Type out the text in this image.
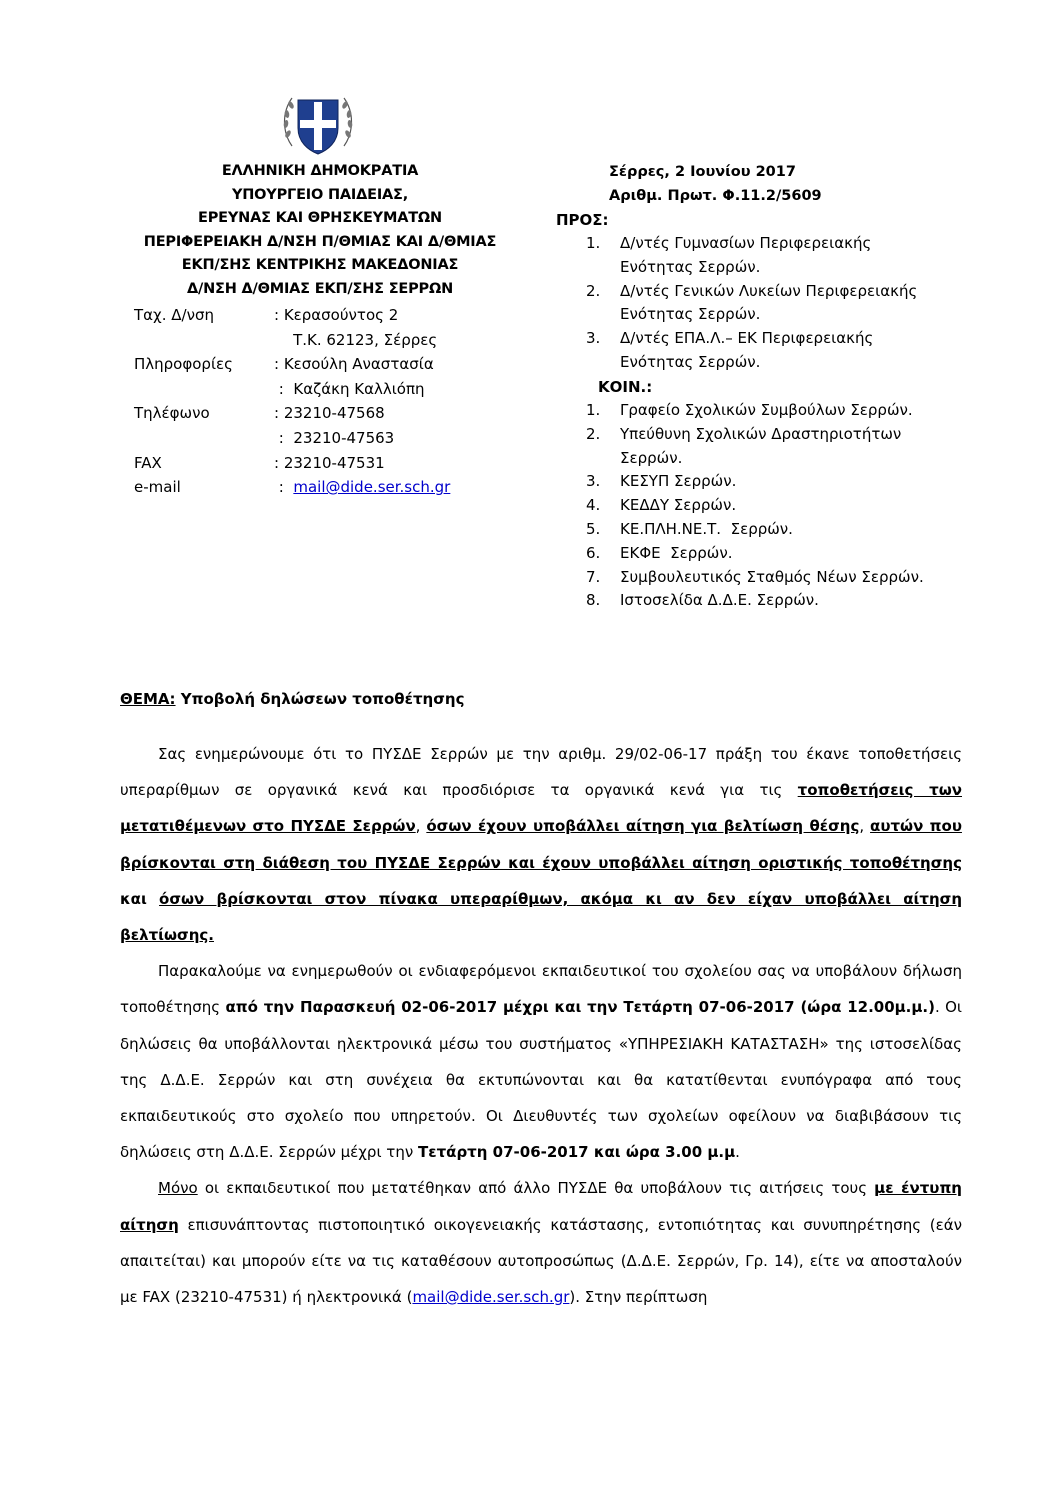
ΕΛΛΗΝΙΚΗ ΔΗΜΟΚΡΑΤΙΑ
ΥΠΟΥΡΓΕΙΟ ΠΑΙΔΕΙΑΣ,
ΕΡΕΥΝΑΣ ΚΑΙ ΘΡΗΣΚΕΥΜΑΤΩΝ
ΠΕΡΙΦΕΡΕΙΑΚΗ Δ/ΝΣΗ Π/ΘΜΙΑΣ ΚΑΙ Δ/ΘΜΙΑΣ
ΕΚΠ/ΣΗΣ ΚΕΝΤΡΙΚΗΣ ΜΑΚΕΔΟΝΙΑΣ
Δ/ΝΣΗ Δ/ΘΜΙΑΣ ΕΚΠ/ΣΗΣ ΣΕΡΡΩΝ
Ταχ. Δ/νση	: Κερασούντος 2
Τ.Κ. 62123, Σέρρες
Πληροφορίες	: Κεσούλη Αναστασία
:  Καζάκη Καλλιόπη
Τηλέφωνο	: 23210-47568
:  23210-47563
FAX	: 23210-47531
e-mail	: mail@dide.ser.sch.gr
Σέρρες, 2 Ιουνίου 2017
Αριθμ. Πρωτ. Φ.11.2/5609
ΠΡΟΣ:
1.	Δ/ντές Γυμνασίων Περιφερειακής Ενότητας Σερρών.
2.	Δ/ντές Γενικών Λυκείων Περιφερειακής Ενότητας Σερρών.
3.	Δ/ντές ΕΠΑ.Λ.– ΕΚ Περιφερειακής Ενότητας Σερρών.
ΚΟΙΝ.:
1.	Γραφείο Σχολικών Συμβούλων Σερρών.
2.	Υπεύθυνη Σχολικών Δραστηριοτήτων Σερρών.
3.	ΚΕΣΥΠ Σερρών.
4.	ΚΕΔΔΥ Σερρών.
5.	ΚΕ.ΠΛΗ.ΝΕ.Τ.  Σερρών.
6.	ΕΚΦΕ  Σερρών.
7.	Συμβουλευτικός Σταθμός Νέων Σερρών.
8.	Ιστοσελίδα Δ.Δ.Ε. Σερρών.
ΘΕΜΑ: Υποβολή δηλώσεων τοποθέτησης

Σας ενημερώνουμε ότι το ΠΥΣΔΕ Σερρών με την αριθμ. 29/02-06-17 πράξη του έκανε τοποθετήσεις υπεραρίθμων σε οργανικά κενά και προσδιόρισε τα οργανικά κενά για τις τοποθετήσεις των μετατιθέμενων στο ΠΥΣΔΕ Σερρών, όσων έχουν υποβάλλει αίτηση για βελτίωση θέσης, αυτών που βρίσκονται στη διάθεση του ΠΥΣΔΕ Σερρών και έχουν υποβάλλει αίτηση οριστικής τοποθέτησης και όσων βρίσκονται στον πίνακα υπεραρίθμων, ακόμα κι αν δεν είχαν υποβάλλει αίτηση βελτίωσης.

Παρακαλούμε να ενημερωθούν οι ενδιαφερόμενοι εκπαιδευτικοί του σχολείου σας να υποβάλουν δήλωση τοποθέτησης από την Παρασκευή 02-06-2017 μέχρι και την Τετάρτη 07-06-2017 (ώρα 12.00μ.μ.). Οι δηλώσεις θα υποβάλλονται ηλεκτρονικά μέσω του συστήματος «ΥΠΗΡΕΣΙΑΚΗ ΚΑΤΑΣΤΑΣΗ» της ιστοσελίδας της Δ.Δ.Ε. Σερρών και στη συνέχεια θα εκτυπώνονται και θα κατατίθενται ενυπόγραφα από τους εκπαιδευτικούς στο σχολείο που υπηρετούν. Οι Διευθυντές των σχολείων οφείλουν να διαβιβάσουν τις δηλώσεις στη Δ.Δ.Ε. Σερρών μέχρι την Τετάρτη 07-06-2017 και ώρα 3.00 μ.μ.

Μόνο οι εκπαιδευτικοί που μετατέθηκαν από άλλο ΠΥΣΔΕ θα υποβάλουν τις αιτήσεις τους με έντυπη αίτηση επισυνάπτοντας πιστοποιητικό οικογενειακής κατάστασης, εντοπιότητας και συνυπηρέτησης (εάν απαιτείται) και μπορούν είτε να τις καταθέσουν αυτοπροσώπως (Δ.Δ.Ε. Σερρών, Γρ. 14), είτε να αποσταλούν με FAX (23210-47531) ή ηλεκτρονικά (mail@dide.ser.sch.gr). Στην περίπτωση
